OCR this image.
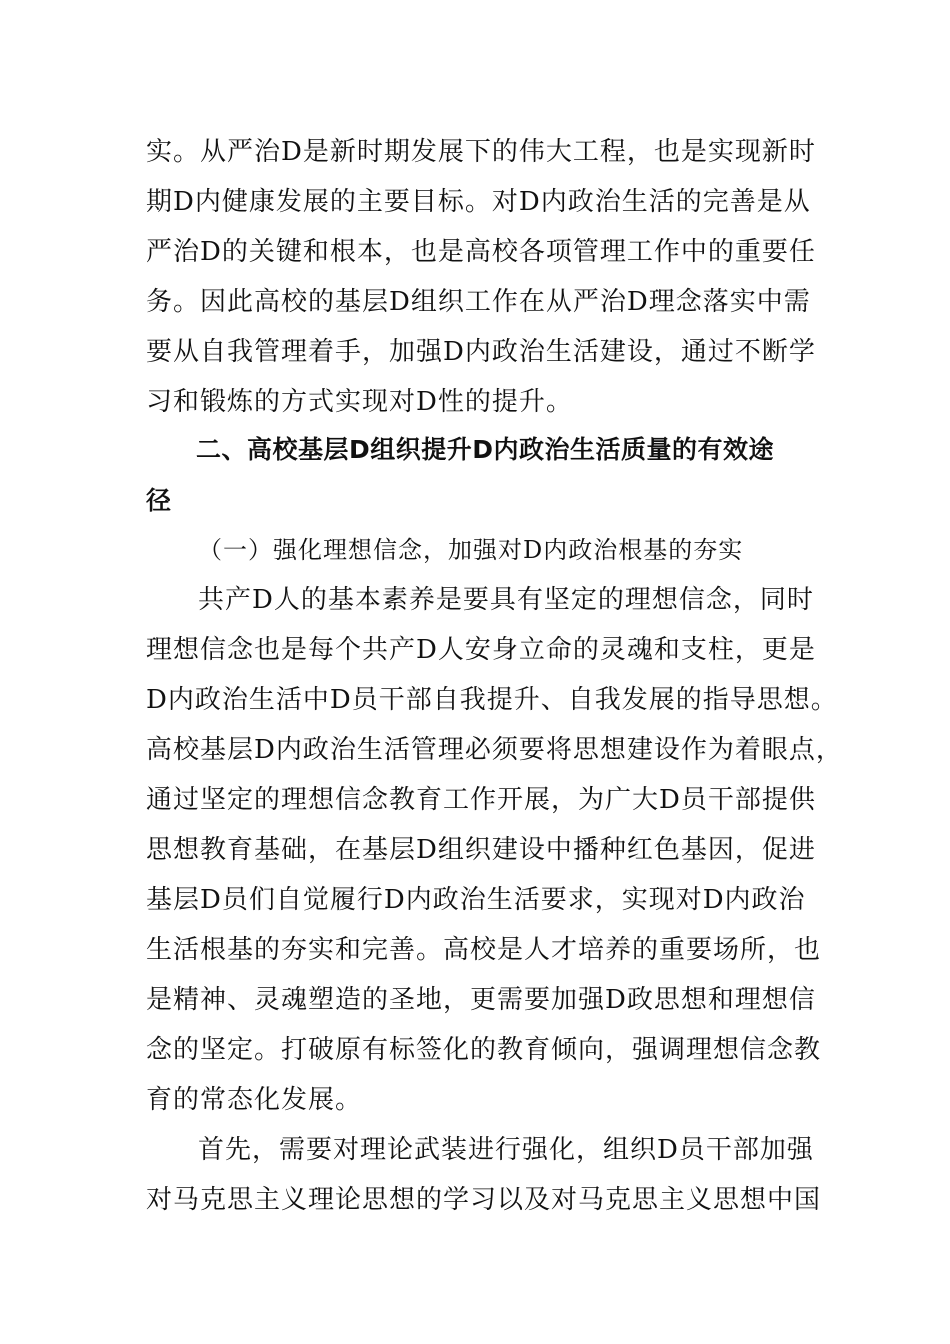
实。从严治D是新时期发展下的伟大工程，也是实现新时
期D内健康发展的主要目标。对D内政治生活的完善是从
严治D的关键和根本，也是高校各项管理工作中的重要任
务。因此高校的基层D组织工作在从严治D理念落实中需
要从自我管理着手，加强D内政治生活建设，通过不断学
习和锻炼的方式实现对D性的提升。
二、高校基层D组织提升D内政治生活质量的有效途
径
（一）强化理想信念，加强对D内政治根基的夯实
共产D人的基本素养是要具有坚定的理想信念，同时
理想信念也是每个共产D人安身立命的灵魂和支柱，更是
D内政治生活中D员干部自我提升、自我发展的指导思想。
高校基层D内政治生活管理必须要将思想建设作为着眼点，
通过坚定的理想信念教育工作开展，为广大D员干部提供
思想教育基础，在基层D组织建设中播种红色基因，促进
基层D员们自觉履行D内政治生活要求，实现对D内政治
生活根基的夯实和完善。高校是人才培养的重要场所，也
是精神、灵魂塑造的圣地，更需要加强D政思想和理想信
念的坚定。打破原有标签化的教育倾向，强调理想信念教
育的常态化发展。
首先，需要对理论武装进行强化，组织D员干部加强
对马克思主义理论思想的学习以及对马克思主义思想中国
